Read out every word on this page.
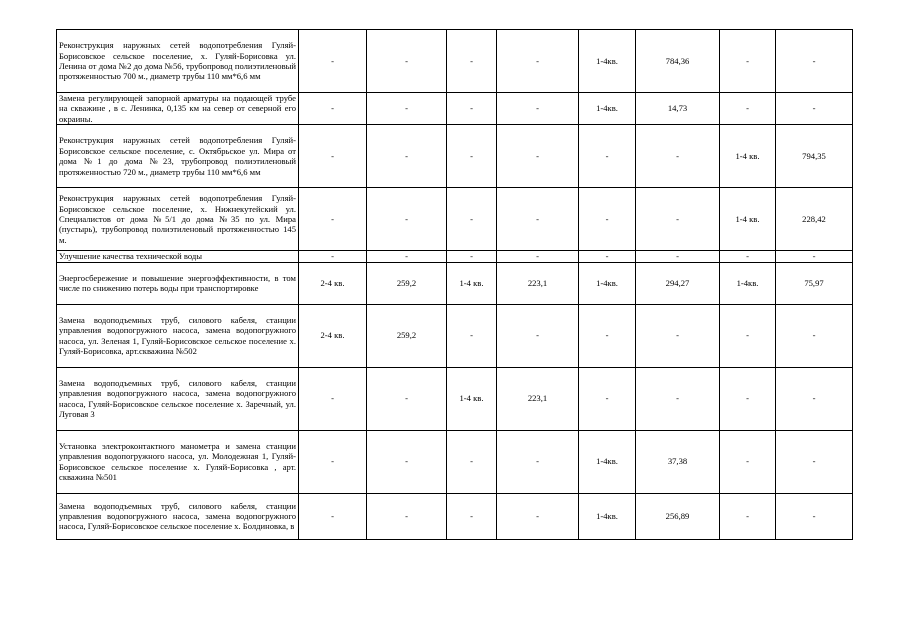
Реконструкция наружных сетей водопотребления Гуляй-Борисовское сельское поселение, х. Гуляй-Борисовка ул. Ленина от дома №2 до дома №56, трубопровод полиэтиленовый протяженностью 700 м., диаметр трубы 110 мм*6,6 мм	-	-	-	-	1-4кв.	784,36	-	-
Замена регулирующей запорной арматуры на подающей трубе на скважине , в с. Ленинка, 0,135 км на север от северной его окраины.	-	-	-	-	1-4кв.	14,73	-	-
Реконструкция наружных сетей водопотребления Гуляй-Борисовское сельское поселение, с. Октябрьское ул. Мира от дома №1 до дома №23, трубопровод полиэтиленовый протяженностью 720 м., диаметр трубы 110 мм*6,6 мм	-	-	-	-	-	-	1-4 кв.	794,35
Реконструкция наружных сетей водопотребления Гуляй-Борисовское сельское поселение, х. Нижнекутейский ул. Специалистов от дома №5/1 до дома №35 по ул. Мира (пустырь), трубопровод полиэтиленовый протяженностью 145 м.	-	-	-	-	-	-	1-4 кв.	228,42
Улучшение качества технической воды	-	-	-	-	-	-	-	-
Энергосбережение и повышение энергоэффективности, в том числе по снижению потерь воды при транспортировке	2-4 кв.	259,2	1-4 кв.	223,1	1-4кв.	294,27	1-4кв.	75,97
Замена водоподъемных труб, силового кабеля, станции управления водопогружного насоса, замена водопогружного насоса, ул. Зеленая 1, Гуляй-Борисовское сельское поселение х. Гуляй-Борисовка, арт.скважина №502	2-4 кв.	259,2	-	-	-	-	-	-
Замена водоподъемных труб, силового кабеля, станции управления водопогружного насоса, замена водопогружного насоса, Гуляй-Борисовское сельское поселение х. Заречный, ул. Луговая 3	-	-	1-4 кв.	223,1	-	-	-	-
Установка электроконтактного манометра и замена станции управления водопогружного насоса, ул. Молодежная 1, Гуляй-Борисовское сельское поселение х. Гуляй-Борисовка , арт. скважина №501	-	-	-	-	1-4кв.	37,38	-	-
Замена водоподъемных труб, силового кабеля, станции управления водопогружного насоса, замена водопогружного насоса, Гуляй-Борисовское сельское поселение х. Болдиновка, в	-	-	-	-	1-4кв.	256,89	-	-
